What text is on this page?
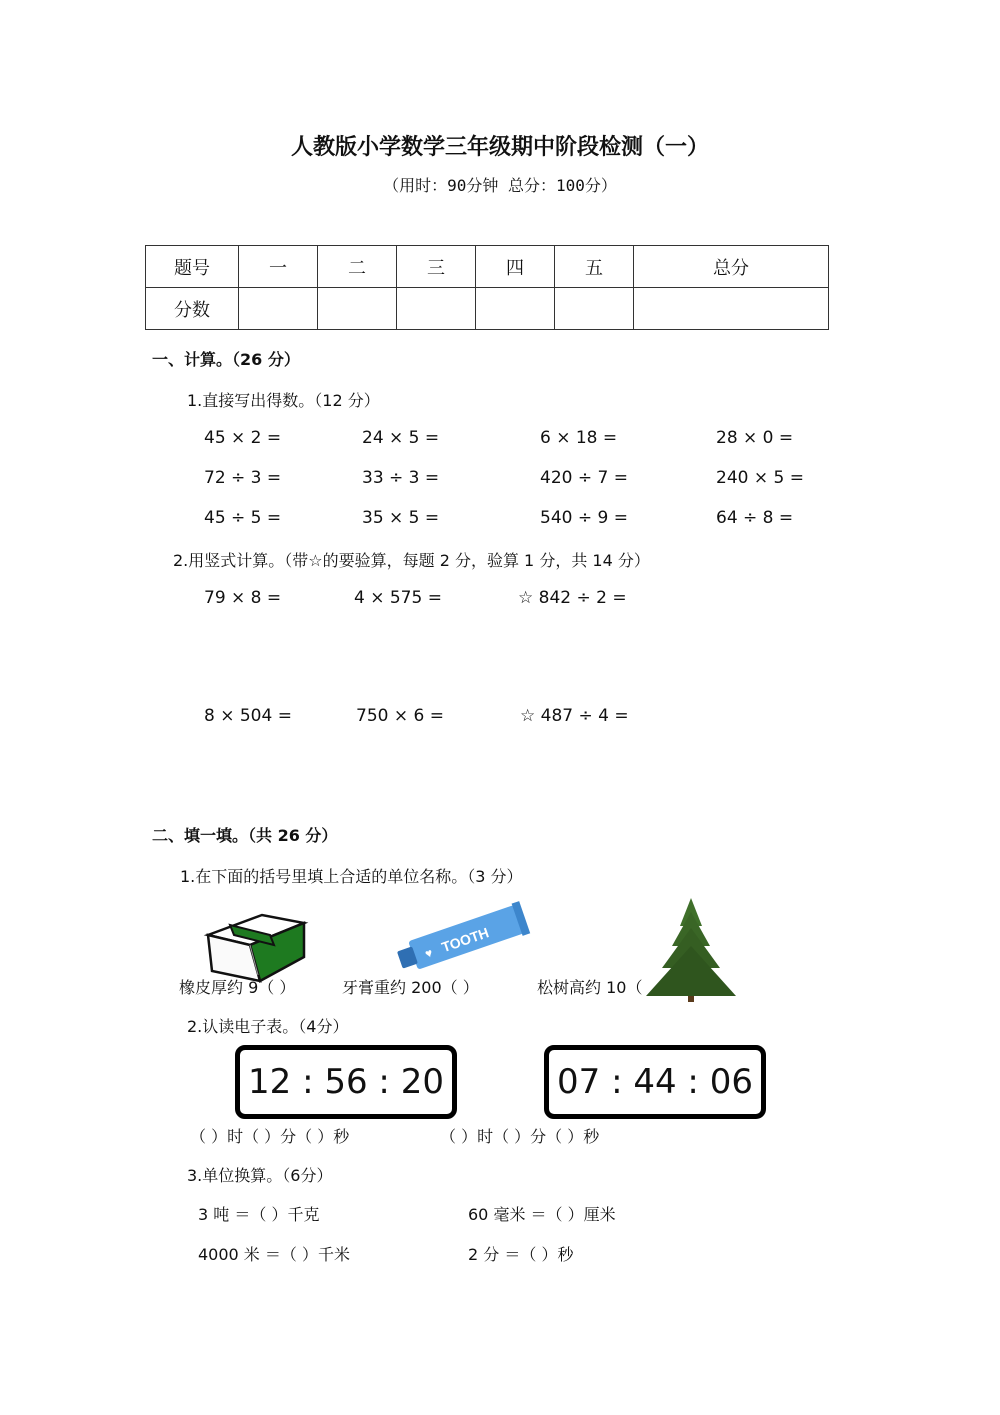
人教版小学数学三年级期中阶段检测（一）
（用时：90分钟 总分：100分）
题号	一	二	三	四	五	总分
分数						
一、计算。（26 分）
1.直接写出得数。（12 分）
45 × 2 =	24 × 5 =	6 × 18 =	28 × 0 =
72 ÷ 3 =	33 ÷ 3 =	420 ÷ 7 =	240 × 5 =
45 ÷ 5 =	35 × 5 =	540 ÷ 9 =	64 ÷ 8 =
2.用竖式计算。（带☆的要验算，每题 2 分，验算 1 分，共 14 分）
79 × 8 =	4 × 575 =	☆ 842 ÷ 2 =
8 × 504 =	750 × 6 =	☆ 487 ÷ 4 =
二、填一填。（共 26 分）
1.在下面的括号里填上合适的单位名称。（3 分）
♥ TOOTH
橡皮厚约 9（ ）	牙膏重约 200（ ）	松树高约 10（
2.认读电子表。（4分）
12 : 56 : 20	07 : 44 : 06
（ ）时（ ）分（ ）秒	（ ）时（ ）分（ ）秒
3.单位换算。（6分）
3 吨 ＝（ ）千克	60 毫米 ＝（ ）厘米
4000 米 ＝（ ）千米	2 分 ＝（ ）秒
